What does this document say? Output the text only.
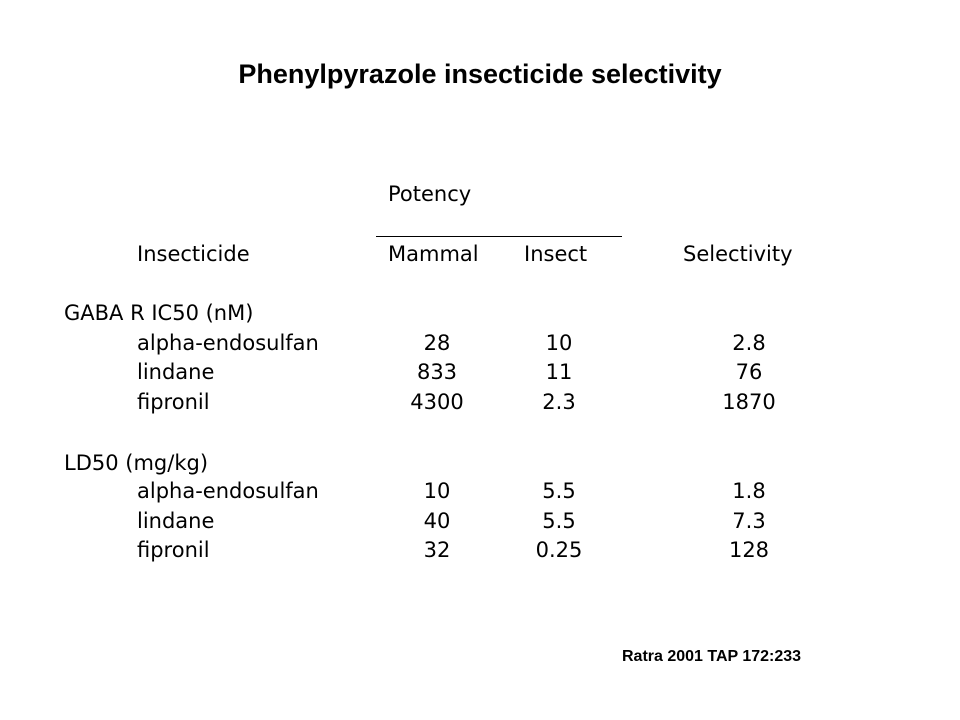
Phenylpyrazole insecticide selectivity
Potency
Insecticide	Mammal Insect	Selectivity
GABA R IC50 (nM)
alpha-endosulfan	28	10	2.8
lindane	833	11	76
fipronil	4300	2.3	1870
LD50 (mg/kg)
alpha-endosulfan	10	5.5	1.8
lindane	40	5.5	7.3
fipronil	32	0.25	128
Ratra 2001 TAP 172:233
